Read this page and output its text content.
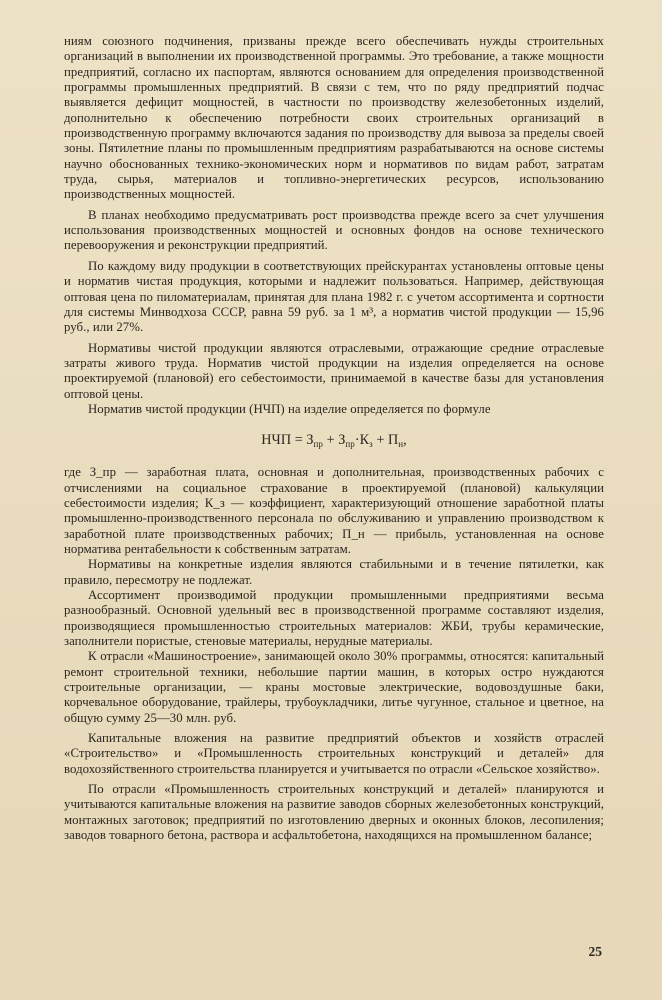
ниям союзного подчинения, призваны прежде всего обеспечивать нужды строительных организаций в выполнении их производственной программы. Это требование, а также мощности предприятий, согласно их паспортам, являются основанием для определения производственной программы промышленных предприятий. В связи с тем, что по ряду предприятий подчас выявляется дефицит мощностей, в частности по производству железобетонных изделий, дополнительно к обеспечению потребности своих строительных организаций в производственную программу включаются задания по производству для вывоза за пределы своей зоны. Пятилетние планы по промышленным предприятиям разрабатываются на основе системы научно обоснованных технико-экономических норм и нормативов по видам работ, затратам труда, сырья, материалов и топливно-энергетических ресурсов, использованию производственных мощностей.

В планах необходимо предусматривать рост производства прежде всего за счет улучшения использования производственных мощностей и основных фондов на основе технического перевооружения и реконструкции предприятий.

По каждому виду продукции в соответствующих прейскурантах установлены оптовые цены и норматив чистая продукция, которыми и надлежит пользоваться. Например, действующая оптовая цена по пиломатериалам, принятая для плана 1982 г. с учетом ассортимента и сортности для системы Минводхоза СССР, равна 59 руб. за 1 м³, а норматив чистой продукции — 15,96 руб., или 27%.

Нормативы чистой продукции являются отраслевыми, отражающие средние отраслевые затраты живого труда. Норматив чистой продукции на изделия определяется на основе проектируемой (плановой) его себестоимости, принимаемой в качестве базы для установления оптовой цены.

Норматив чистой продукции (НЧП) на изделие определяется по формуле

НЧП = $З_{пр} + З_{пр}\cdot К_з + П_н$,

где З_пр — заработная плата, основная и дополнительная, производственных рабочих с отчислениями на социальное страхование в проектируемой (плановой) калькуляции себестоимости изделия; К_з — коэффициент, характеризующий отношение заработной платы промышленно-производственного персонала по обслуживанию и управлению производством к заработной плате производственных рабочих; П_н — прибыль, установленная на основе норматива рентабельности к собственным затратам.

Нормативы на конкретные изделия являются стабильными и в течение пятилетки, как правило, пересмотру не подлежат.

Ассортимент производимой продукции промышленными предприятиями весьма разнообразный. Основной удельный вес в производственной программе составляют изделия, производящиеся промышленностью строительных материалов: ЖБИ, трубы керамические, заполнители пористые, стеновые материалы, нерудные материалы.

К отрасли «Машиностроение», занимающей около 30% программы, относятся: капитальный ремонт строительной техники, небольшие партии машин, в которых остро нуждаются строительные организации, — краны мостовые электрические, водовоздушные баки, корчевальное оборудование, трайлеры, трубоукладчики, литье чугунное, стальное и цветное, на общую сумму 25—30 млн. руб.

Капитальные вложения на развитие предприятий объектов и хозяйств отраслей «Строительство» и «Промышленность строительных конструкций и деталей» для водохозяйственного строительства планируется и учитывается по отрасли «Сельское хозяйство».

По отрасли «Промышленность строительных конструкций и деталей» планируются и учитываются капитальные вложения на развитие заводов сборных железобетонных конструкций, монтажных заготовок; предприятий по изготовлению дверных и оконных блоков, лесопиления; заводов товарного бетона, раствора и асфальтобетона, находящихся на промышленном балансе;

25
